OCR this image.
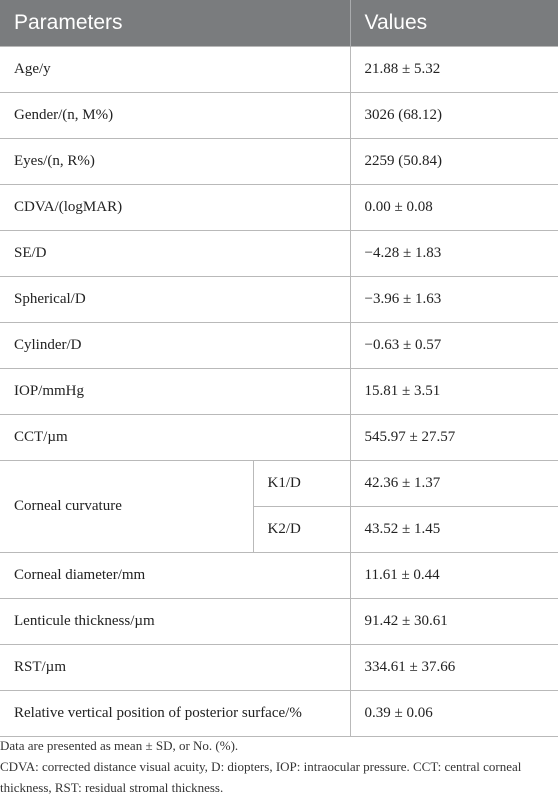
Parameters		Values
Age/y		21.88 ± 5.32
Gender/(n, M%)		3026 (68.12)
Eyes/(n, R%)		2259 (50.84)
CDVA/(logMAR)		0.00 ± 0.08
SE/D		−4.28 ± 1.83
Spherical/D		−3.96 ± 1.63
Cylinder/D		−0.63 ± 0.57
IOP/mmHg		15.81 ± 3.51
CCT/µm		545.97 ± 27.57
Corneal curvature	K1/D	42.36 ± 1.37
	K2/D	43.52 ± 1.45
Corneal diameter/mm		11.61 ± 0.44
Lenticule thickness/µm		91.42 ± 30.61
RST/µm		334.61 ± 37.66
Relative vertical position of posterior surface/%		0.39 ± 0.06

Data are presented as mean ± SD, or No. (%).

CDVA: corrected distance visual acuity, D: diopters, IOP: intraocular pressure. CCT: central corneal thickness, RST: residual stromal thickness.
